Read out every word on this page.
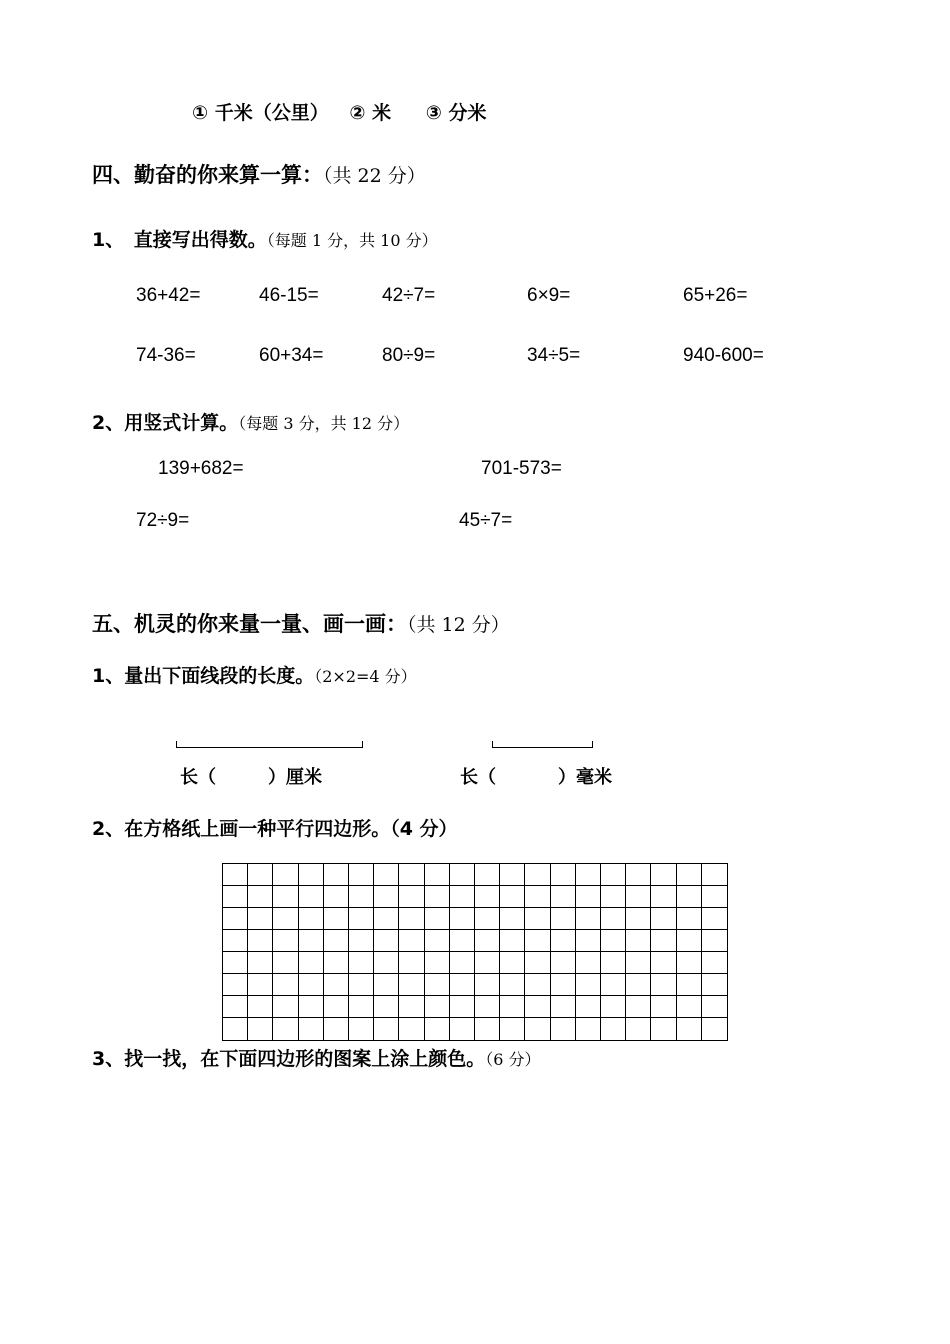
① 千米（公里） ② 米 ③ 分米
四、勤奋的你来算一算：（共 22 分）
1、　直接写出得数。（每题 1 分，共 10 分）
36+42=	46-15=	42÷7=	6×9=	65+26=
74-36=	60+34=	80÷9=	34÷5=	940-600=
2、用竖式计算。（每题 3 分，共 12 分）
139+682=	701-573=
72÷9=	45÷7=
五、机灵的你来量一量、画一画：（共 12 分）
1、量出下面线段的长度。（2×2=4 分）
长（	）厘米	长（	）毫米
2、在方格纸上画一种平行四边形。（4 分）
3、找一找，在下面四边形的图案上涂上颜色。（6 分）
